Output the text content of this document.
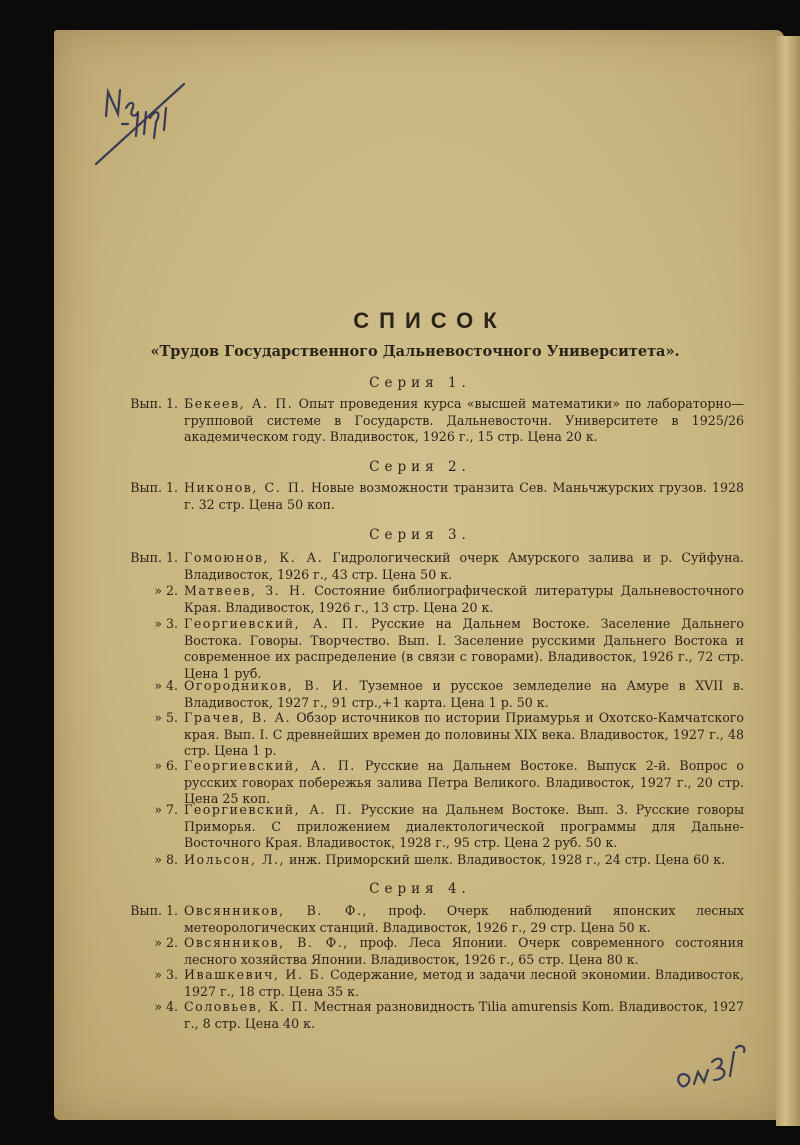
СПИСОК
«Трудов Государственного Дальневосточного Университета».
Серия 1.
Вып. 1. Бекеев, А. П. Опыт проведения курса «высшей математики» по лабораторно—групповой системе в Государств. Дальневосточн. Университете в 1925/26 академическом году. Владивосток, 1926 г., 15 стр. Цена 20 к.
Серия 2.
Вып. 1. Никонов, С. П. Новые возможности транзита Сев. Маньчжурских грузов. 1928 г. 32 стр. Цена 50 коп.
Серия 3.
Вып. 1. Гомоюнов, К. А. Гидрологический очерк Амурского залива и р. Суйфуна. Владивосток, 1926 г., 43 стр. Цена 50 к.
» 2. Матвеев, З. Н. Состояние библиографической литературы Дальневосточного Края. Владивосток, 1926 г., 13 стр. Цена 20 к.
» 3. Георгиевский, А. П. Русские на Дальнем Востоке. Заселение Дальнего Востока. Говоры. Творчество. Вып. I. Заселение русскими Дальнего Востока и современное их распределение (в связи с говорами). Владивосток, 1926 г., 72 стр. Цена 1 руб.
» 4. Огородников, В. И. Туземное и русское земледелие на Амуре в XVII в. Владивосток, 1927 г., 91 стр.,+1 карта. Цена 1 р. 50 к.
» 5. Грачев, В. А. Обзор источников по истории Приамурья и Охотско-Камчатского края. Вып. I. С древнейших времен до половины XIX века. Владивосток, 1927 г., 48 стр. Цена 1 р.
» 6. Георгиевский, А. П. Русские на Дальнем Востоке. Выпуск 2-й. Вопрос о русских говорах побережья залива Петра Великого. Владивосток, 1927 г., 20 стр. Цена 25 коп.
» 7. Георгиевский, А. П. Русские на Дальнем Востоке. Вып. 3. Русские говоры Приморья. С приложением диалектологической программы для Дальне-Восточного Края. Владивосток, 1928 г., 95 стр. Цена 2 руб. 50 к.
» 8. Иольсон, Л., инж. Приморский шелк. Владивосток, 1928 г., 24 стр. Цена 60 к.
Серия 4.
Вып. 1. Овсянников, В. Ф., проф. Очерк наблюдений японских лесных метеорологических станций. Владивосток, 1926 г., 29 стр. Цена 50 к.
» 2. Овсянников, В. Ф., проф. Леса Японии. Очерк современного состояния лесного хозяйства Японии. Владивосток, 1926 г., 65 стр. Цена 80 к.
» 3. Ивашкевич, И. Б. Содержание, метод и задачи лесной экономии. Владивосток, 1927 г., 18 стр. Цена 35 к.
» 4. Соловьев, К. П. Местная разновидность Tilia amurensis Kom. Владивосток, 1927 г., 8 стр. Цена 40 к.
